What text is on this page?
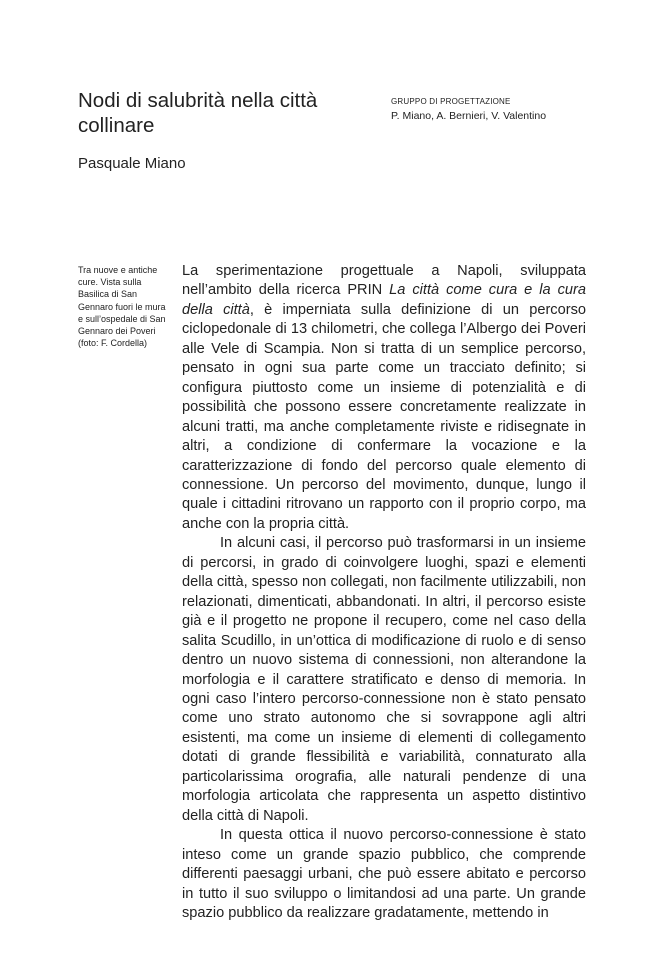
Nodi di salubrità nella città collinare
Pasquale Miano
GRUPPO DI PROGETTAZIONE
P. Miano, A. Bernieri, V. Valentino

Tra nuove e antiche cure. Vista sulla Basilica di San Gennaro fuori le mura e sull’ospedale di San Gennaro dei Poveri (foto: F. Cordella)

La sperimentazione progettuale a Napoli, sviluppata nell’ambito della ricerca PRIN La città come cura e la cura della città, è imperniata sulla definizione di un percorso ciclopedonale di 13 chilometri, che collega l’Albergo dei Poveri alle Vele di Scampia. Non si tratta di un semplice percorso, pensato in ogni sua parte come un tracciato definito; si configura piuttosto come un insieme di potenzialità e di possibilità che possono essere concretamente realizzate in alcuni tratti, ma anche completamente riviste e ridisegnate in altri, a condizione di confermare la vocazione e la caratterizzazione di fondo del percorso quale elemento di connessione. Un percorso del movimento, dunque, lungo il quale i cittadini ritrovano un rapporto con il proprio corpo, ma anche con la propria città.

In alcuni casi, il percorso può trasformarsi in un insieme di percorsi, in grado di coinvolgere luoghi, spazi e elementi della città, spesso non collegati, non facilmente utilizzabili, non relazionati, dimenticati, abbandonati. In altri, il percorso esiste già e il progetto ne propone il recupero, come nel caso della salita Scudillo, in un’ottica di modificazione di ruolo e di senso dentro un nuovo sistema di connessioni, non alterandone la morfologia e il carattere stratificato e denso di memoria. In ogni caso l’intero percorso-connessione non è stato pensato come uno strato autonomo che si sovrappone agli altri esistenti, ma come un insieme di elementi di collegamento dotati di grande flessibilità e variabilità, connaturato alla particolarissima orografia, alle naturali pendenze di una morfologia articolata che rappresenta un aspetto distintivo della città di Napoli.

In questa ottica il nuovo percorso-connessione è stato inteso come un grande spazio pubblico, che comprende differenti paesaggi urbani, che può essere abitato e percorso in tutto il suo sviluppo o limitandosi ad una parte. Un grande spazio pubblico da realizzare gradatamente, mettendo in
